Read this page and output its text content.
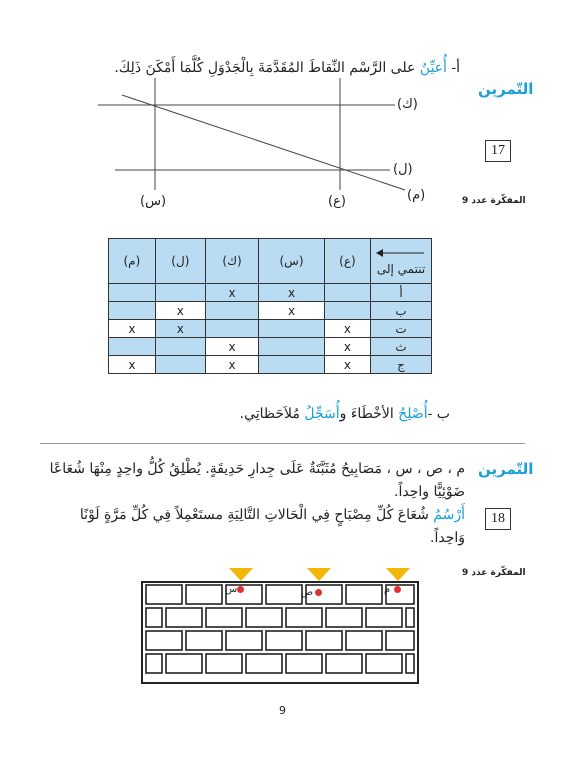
التّمرين
17
المفكّرة عدد 9
أ- أُعيِّنُ على الرَّسْم النِّقاطَ المُقَدَّمَةَ بِالْجَدْوَلِ كُلَّمَا أَمْكَنَ ذَلِكَ.
(ك)
(ل)
(م)
(س)	(ع)
(م)	(ل)	(ك)	(س)	(ع)	تنتمي إلى
		x	x		أ
	x		x		ب
x	x			x	ت
		x		x	ث
x		x		x	ج
ب -أُصْلِحُ الأخْطَاءَ وأُسَجِّلُ مُلاَحَظاتِي.
التّمرين
18
المفكّرة عدد 9
م ، ص ، س ، مَصَابِيحُ مُثَبَّتَةٌ عَلَى جِدارِ حَدِيقَةٍ. يُطْلِقُ كُلُّ واحِدٍ مِنْهَا شُعَاعًا
ضَوْئِيًّا واحِداً.
أَرْسُمُ شُعَاعَ كُلِّ مِصْبَاحٍ فِي الْحَالاتِ التَّالِيَةِ مستَعْمِلاً فِي كُلِّ مَرَّةٍ لَوْنًا
وَاحِداً.
س	ص	م
9
